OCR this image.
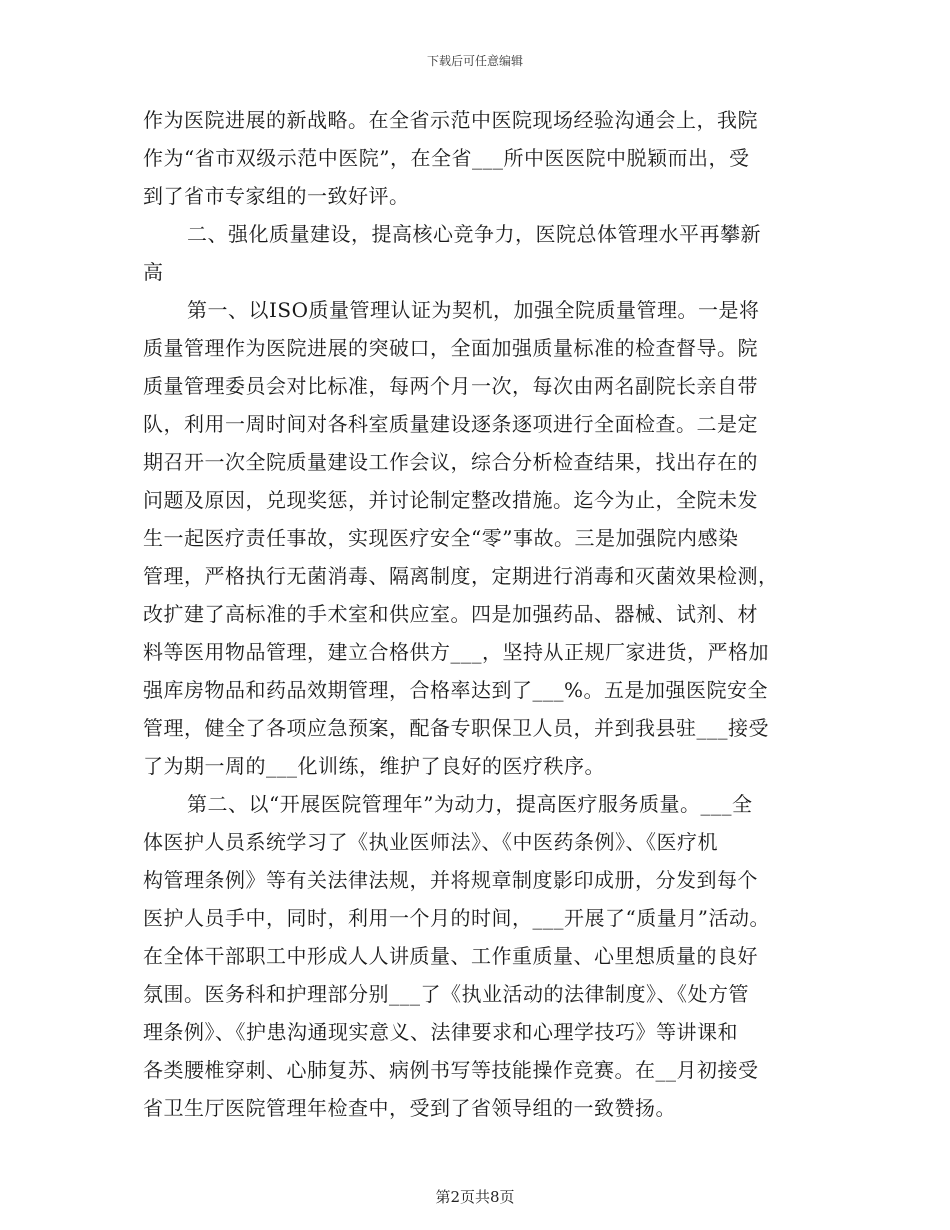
下载后可任意编辑
作为医院进展的新战略。在全省示范中医院现场经验沟通会上，我院
作为“省市双级示范中医院”，在全省___所中医医院中脱颖而出，受
到了省市专家组的一致好评。
二、强化质量建设，提高核心竞争力，医院总体管理水平再攀新
高
第一、以ISO质量管理认证为契机，加强全院质量管理。一是将
质量管理作为医院进展的突破口，全面加强质量标准的检查督导。院
质量管理委员会对比标准，每两个月一次，每次由两名副院长亲自带
队，利用一周时间对各科室质量建设逐条逐项进行全面检查。二是定
期召开一次全院质量建设工作会议，综合分析检查结果，找出存在的
问题及原因，兑现奖惩，并讨论制定整改措施。迄今为止，全院未发
生一起医疗责任事故，实现医疗安全“零”事故。三是加强院内感染
管理，严格执行无菌消毒、隔离制度，定期进行消毒和灭菌效果检测，
改扩建了高标准的手术室和供应室。四是加强药品、器械、试剂、材
料等医用物品管理，建立合格供方___，坚持从正规厂家进货，严格加
强库房物品和药品效期管理，合格率达到了___%。五是加强医院安全
管理，健全了各项应急预案，配备专职保卫人员，并到我县驻___接受
了为期一周的___化训练，维护了良好的医疗秩序。
第二、以“开展医院管理年”为动力，提高医疗服务质量。___全
体医护人员系统学习了《执业医师法》、《中医药条例》、《医疗机
构管理条例》等有关法律法规，并将规章制度影印成册，分发到每个
医护人员手中，同时，利用一个月的时间，___开展了“质量月”活动。
在全体干部职工中形成人人讲质量、工作重质量、心里想质量的良好
氛围。医务科和护理部分别___了《执业活动的法律制度》、《处方管
理条例》、《护患沟通现实意义、法律要求和心理学技巧》等讲课和
各类腰椎穿刺、心肺复苏、病例书写等技能操作竞赛。在__月初接受
省卫生厅医院管理年检查中，受到了省领导组的一致赞扬。
第2页共8页
